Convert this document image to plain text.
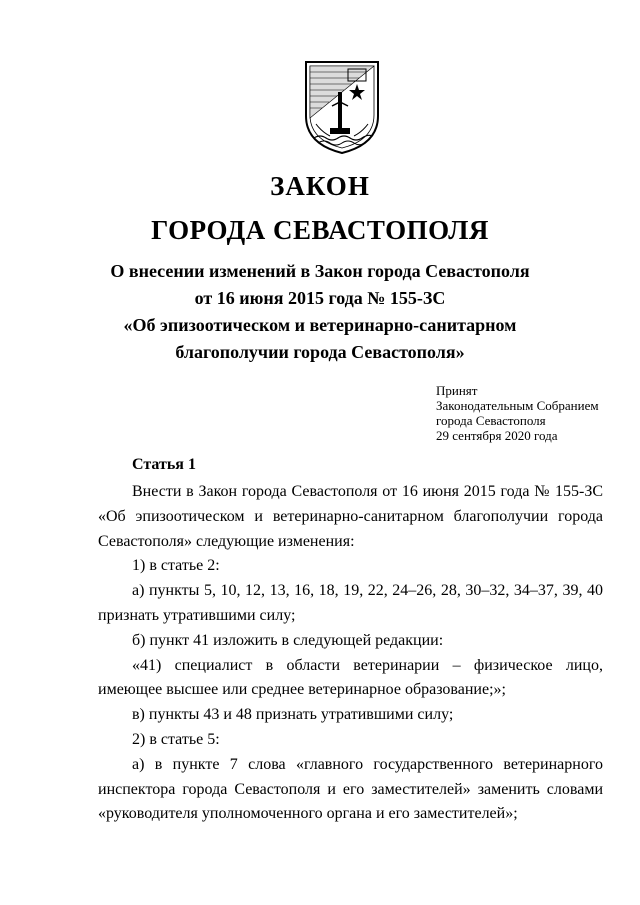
ЗАКОН
ГОРОДА СЕВАСТОПОЛЯ
О внесении изменений в Закон города Севастополя
от 16 июня 2015 года № 155-ЗС
«Об эпизоотическом и ветеринарно-санитарном
благополучии города Севастополя»
Принят
Законодательным Собранием
города Севастополя
29 сентября 2020 года
Статья 1

Внести в Закон города Севастополя от 16 июня 2015 года № 155-ЗС «Об эпизоотическом и ветеринарно-санитарном благополучии города Севастополя» следующие изменения:

1) в статье 2:

а) пункты 5, 10, 12, 13, 16, 18, 19, 22, 24–26, 28, 30–32, 34–37, 39, 40 признать утратившими силу;

б) пункт 41 изложить в следующей редакции:

«41) специалист в области ветеринарии – физическое лицо, имеющее высшее или среднее ветеринарное образование;»;

в) пункты 43 и 48 признать утратившими силу;

2) в статье 5:

а) в пункте 7 слова «главного государственного ветеринарного инспектора города Севастополя и его заместителей» заменить словами «руководителя уполномоченного органа и его заместителей»;
